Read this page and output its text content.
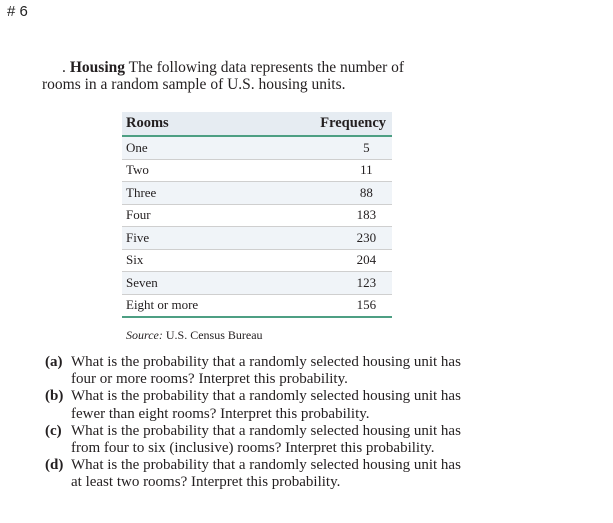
# 6
. Housing The following data represents the number of rooms in a random sample of U.S. housing units.
Rooms	Frequency
One	5
Two	11
Three	88
Four	183
Five	230
Six	204
Seven	123
Eight or more	156
Source: U.S. Census Bureau
(a) What is the probability that a randomly selected housing unit has four or more rooms? Interpret this probability.
(b) What is the probability that a randomly selected housing unit has fewer than eight rooms? Interpret this probability.
(c) What is the probability that a randomly selected housing unit has from four to six (inclusive) rooms? Interpret this probability.
(d) What is the probability that a randomly selected housing unit has at least two rooms? Interpret this probability.
